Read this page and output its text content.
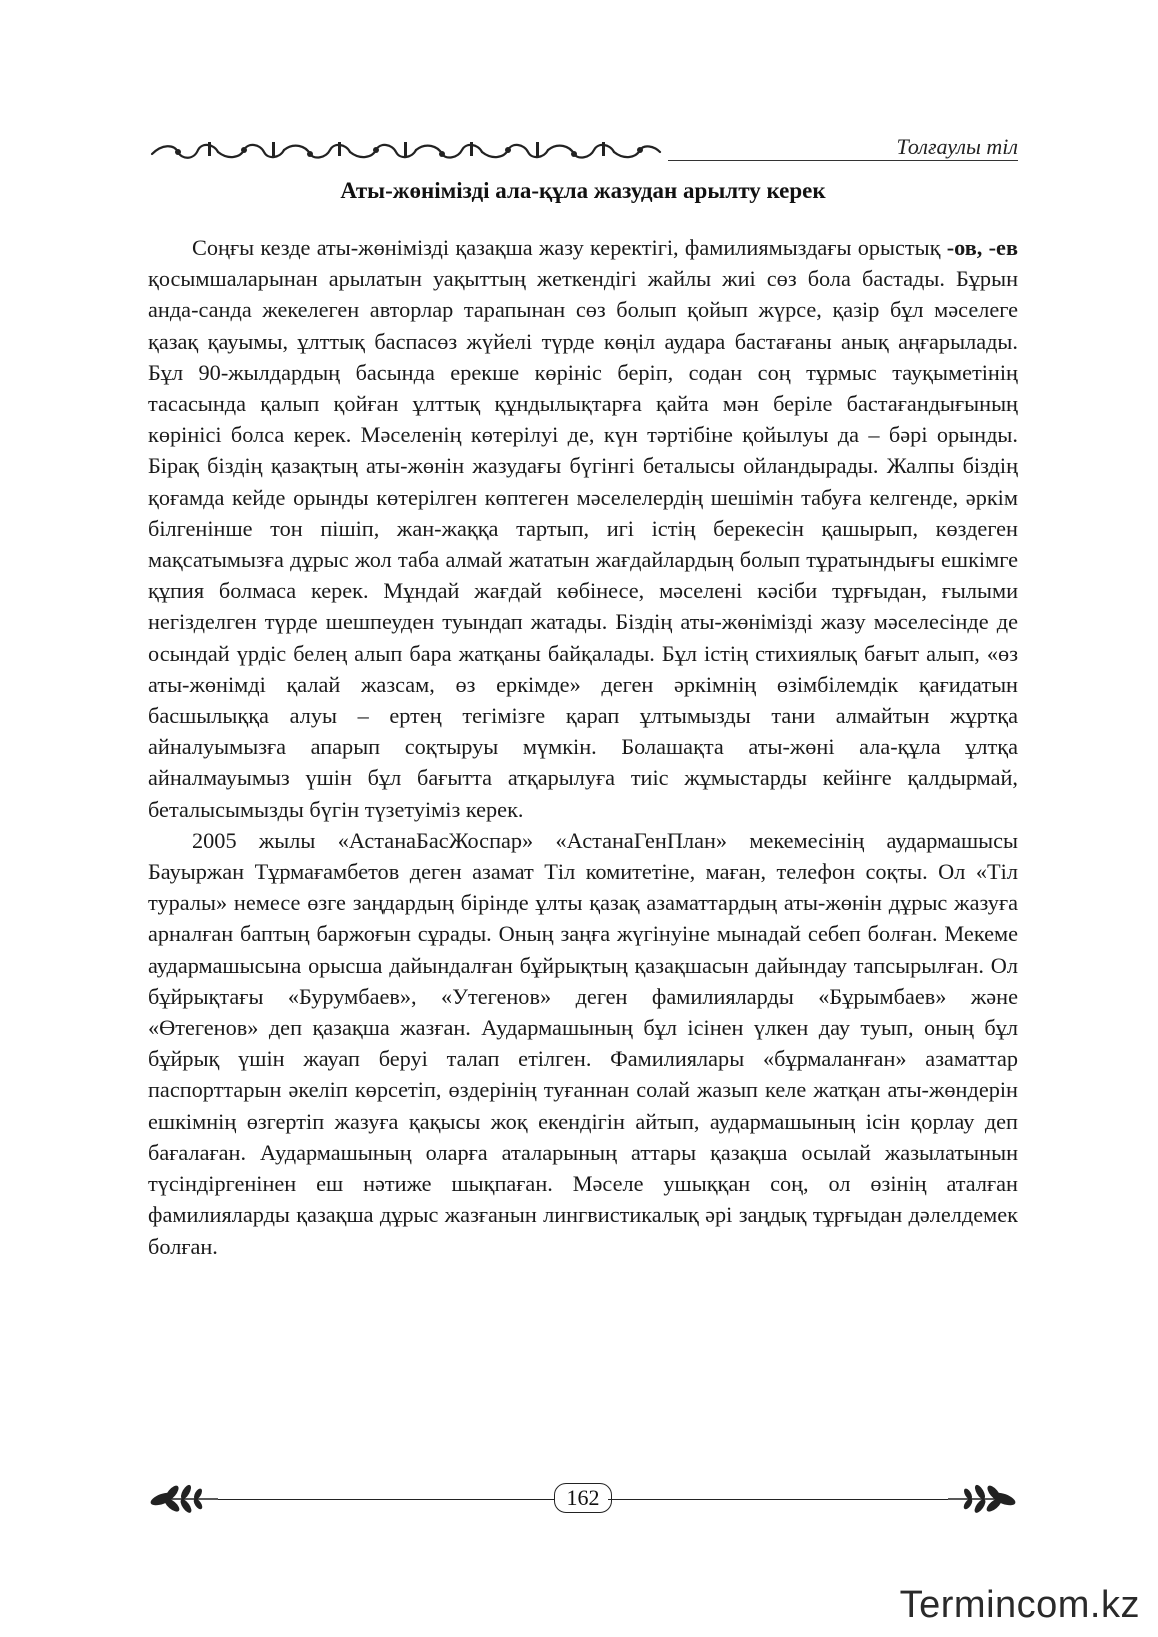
Толғаулы тіл
Аты-жөнімізді ала-құла жазудан арылту керек

Соңғы кезде аты-жөнімізді қазақша жазу керектігі, фамилиямыздағы орыстық -ов, -ев қосымшаларынан арылатын уақыттың жеткендігі жайлы жиі сөз бола бастады. Бұрын анда-санда жекелеген авторлар тарапынан сөз болып қойып жүрсе, қазір бұл мәселеге қазақ қауымы, ұлттық баспасөз жүйелі түрде көңіл аудара бастағаны анық аңғарылады. Бұл 90-жылдардың басында ерекше көрініс беріп, содан соң тұрмыс тауқыметінің тасасында қалып қойған ұлттық құндылықтарға қайта мән беріле бастағандығының көрінісі болса керек. Мәселенің көтерілуі де, күн тәртібіне қойылуы да – бәрі орынды. Бірақ біздің қазақтың аты-жөнін жазудағы бүгінгі беталысы ойландырады. Жалпы біздің қоғамда кейде орынды көтерілген көптеген мәселелердің шешімін табуға келгенде, әркім білгенінше тон пішіп, жан-жаққа тартып, игі істің берекесін қашырып, көздеген мақсатымызға дұрыс жол таба алмай жататын жағдайлардың болып тұратындығы ешкімге құпия болмаса керек. Мұндай жағдай көбінесе, мәселені кәсіби тұрғыдан, ғылыми негізделген түрде шешпеуден туындап жатады. Біздің аты-жөнімізді жазу мәселесінде де осындай үрдіс белең алып бара жатқаны байқалады. Бұл істің стихиялық бағыт алып, «өз аты-жөнімді қалай жазсам, өз еркімде» деген әркімнің өзімбілемдік қағидатын басшылыққа алуы – ертең тегімізге қарап ұлтымызды тани алмайтын жұртқа айналуымызға апарып соқтыруы мүмкін. Болашақта аты-жөні ала-құла ұлтқа айналмауымыз үшін бұл бағытта атқарылуға тиіс жұмыстарды кейінге қалдырмай, беталысымызды бүгін түзетуіміз керек.

2005 жылы «АстанаБасЖоспар» «АстанаГенПлан» мекемесінің аудармашысы Бауыржан Тұрмағамбетов деген азамат Тіл комитетіне, маған, телефон соқты. Ол «Тіл туралы» немесе өзге заңдардың бірінде ұлты қазақ азаматтардың аты-жөнін дұрыс жазуға арналған баптың баржоғын сұрады. Оның заңға жүгінуіне мынадай себеп болған. Мекеме аудармашысына орысша дайындалған бұйрықтың қазақшасын дайындау тапсырылған. Ол бұйрықтағы «Бурумбаев», «Утегенов» деген фамилияларды «Бұрымбаев» және «Өтегенов» деп қазақша жазған. Аудармашының бұл ісінен үлкен дау туып, оның бұл бұйрық үшін жауап беруі талап етілген. Фамилиялары «бұрмаланған» азаматтар паспорттарын әкеліп көрсетіп, өздерінің туғаннан солай жазып келе жатқан аты-жөндерін ешкімнің өзгертіп жазуға қақысы жоқ екендігін айтып, аудармашының ісін қорлау деп бағалаған. Аудармашының оларға аталарының аттары қазақша осылай жазылатынын түсіндіргенінен еш нәтиже шықпаған. Мәселе ушыққан соң, ол өзінің аталған фамилияларды қазақша дұрыс жазғанын лингвистикалық әрі заңдық тұрғыдан дәлелдемек болған.

162
Termincom.kz
